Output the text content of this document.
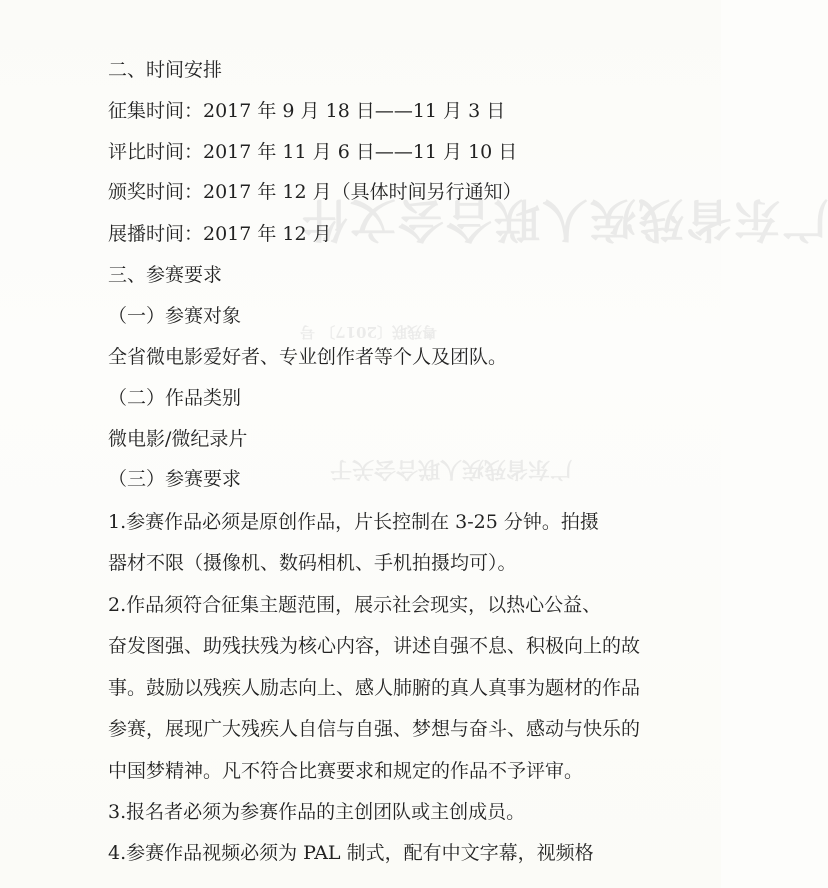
广东省残疾人联合会文件
粤残联〔2017〕 号
广东省残疾人联合会关于
二、时间安排
征集时间：2017 年 9 月 18 日——11 月 3 日
评比时间：2017 年 11 月 6 日——11 月 10 日
颁奖时间：2017 年 12 月（具体时间另行通知）
展播时间：2017 年 12 月
三、参赛要求
（一）参赛对象
全省微电影爱好者、专业创作者等个人及团队。
（二）作品类别
微电影/微纪录片
（三）参赛要求
1.参赛作品必须是原创作品，片长控制在 3-25 分钟。拍摄
器材不限（摄像机、数码相机、手机拍摄均可）。
2.作品须符合征集主题范围，展示社会现实，以热心公益、
奋发图强、助残扶残为核心内容，讲述自强不息、积极向上的故
事。鼓励以残疾人励志向上、感人肺腑的真人真事为题材的作品
参赛，展现广大残疾人自信与自强、梦想与奋斗、感动与快乐的
中国梦精神。凡不符合比赛要求和规定的作品不予评审。
3.报名者必须为参赛作品的主创团队或主创成员。
4.参赛作品视频必须为 PAL 制式，配有中文字幕，视频格
